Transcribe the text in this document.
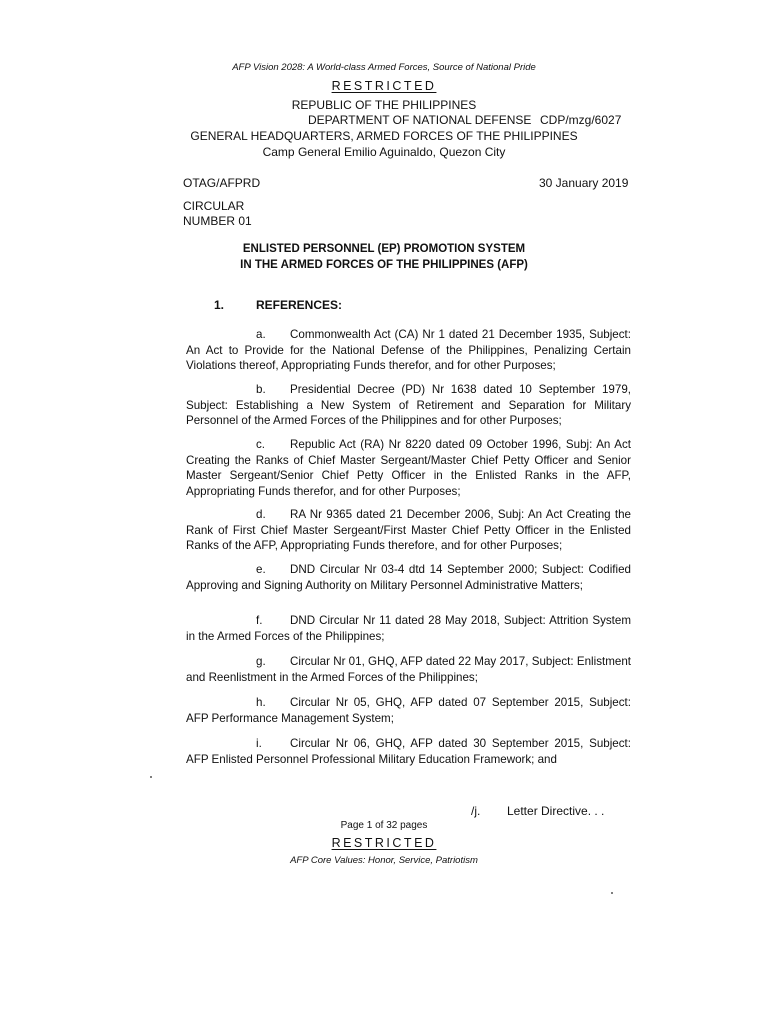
AFP Vision 2028: A World-class Armed Forces, Source of National Pride
RESTRICTED
REPUBLIC OF THE PHILIPPINES
DEPARTMENT OF NATIONAL DEFENSE CDP/mzg/6027
GENERAL HEADQUARTERS, ARMED FORCES OF THE PHILIPPINES
Camp General Emilio Aguinaldo, Quezon City
OTAG/AFPRD	30 January 2019
CIRCULAR
NUMBER 01
ENLISTED PERSONNEL (EP) PROMOTION SYSTEM
IN THE ARMED FORCES OF THE PHILIPPINES (AFP)
1.	REFERENCES:
a. Commonwealth Act (CA) Nr 1 dated 21 December 1935, Subject: An Act to Provide for the National Defense of the Philippines, Penalizing Certain Violations thereof, Appropriating Funds therefor, and for other Purposes;
b. Presidential Decree (PD) Nr 1638 dated 10 September 1979, Subject: Establishing a New System of Retirement and Separation for Military Personnel of the Armed Forces of the Philippines and for other Purposes;
c. Republic Act (RA) Nr 8220 dated 09 October 1996, Subj: An Act Creating the Ranks of Chief Master Sergeant/Master Chief Petty Officer and Senior Master Sergeant/Senior Chief Petty Officer in the Enlisted Ranks in the AFP, Appropriating Funds therefor, and for other Purposes;
d. RA Nr 9365 dated 21 December 2006, Subj: An Act Creating the Rank of First Chief Master Sergeant/First Master Chief Petty Officer in the Enlisted Ranks of the AFP, Appropriating Funds therefore, and for other Purposes;
e. DND Circular Nr 03-4 dtd 14 September 2000; Subject: Codified Approving and Signing Authority on Military Personnel Administrative Matters;
f. DND Circular Nr 11 dated 28 May 2018, Subject: Attrition System in the Armed Forces of the Philippines;
g. Circular Nr 01, GHQ, AFP dated 22 May 2017, Subject: Enlistment and Reenlistment in the Armed Forces of the Philippines;
h. Circular Nr 05, GHQ, AFP dated 07 September 2015, Subject: AFP Performance Management System;
i. Circular Nr 06, GHQ, AFP dated 30 September 2015, Subject: AFP Enlisted Personnel Professional Military Education Framework; and
/j. Letter Directive. . .
Page 1 of 32 pages
RESTRICTED
AFP Core Values: Honor, Service, Patriotism
